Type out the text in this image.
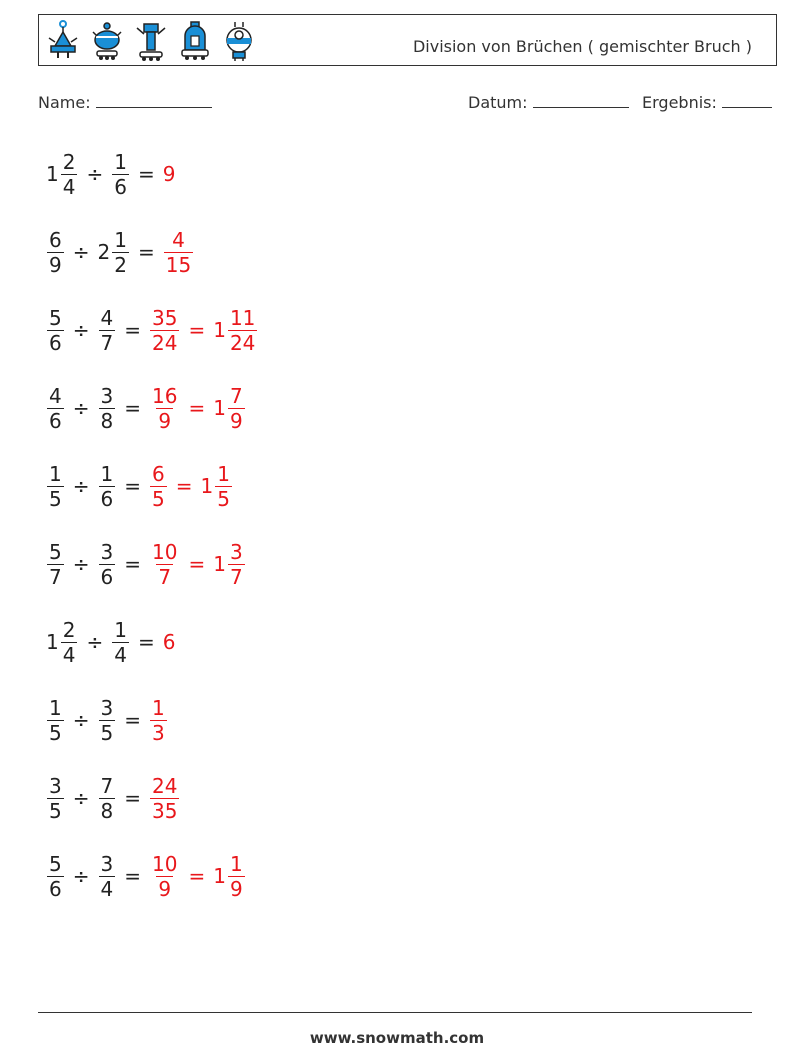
Division von Brüchen ( gemischter Bruch )
Name:	Datum:	Ergebnis:
$1 \frac{2}{4} \div \frac{1}{6} = 9$
$\frac{6}{9} \div 2 \frac{1}{2} = \frac{4}{15}$
$\frac{5}{6} \div \frac{4}{7} = \frac{35}{24} = 1 \frac{11}{24}$
$\frac{4}{6} \div \frac{3}{8} = \frac{16}{9} = 1 \frac{7}{9}$
$\frac{1}{5} \div \frac{1}{6} = \frac{6}{5} = 1 \frac{1}{5}$
$\frac{5}{7} \div \frac{3}{6} = \frac{10}{7} = 1 \frac{3}{7}$
$1 \frac{2}{4} \div \frac{1}{4} = 6$
$\frac{1}{5} \div \frac{3}{5} = \frac{1}{3}$
$\frac{3}{5} \div \frac{7}{8} = \frac{24}{35}$
$\frac{5}{6} \div \frac{3}{4} = \frac{10}{9} = 1 \frac{1}{9}$
www.snowmath.com
